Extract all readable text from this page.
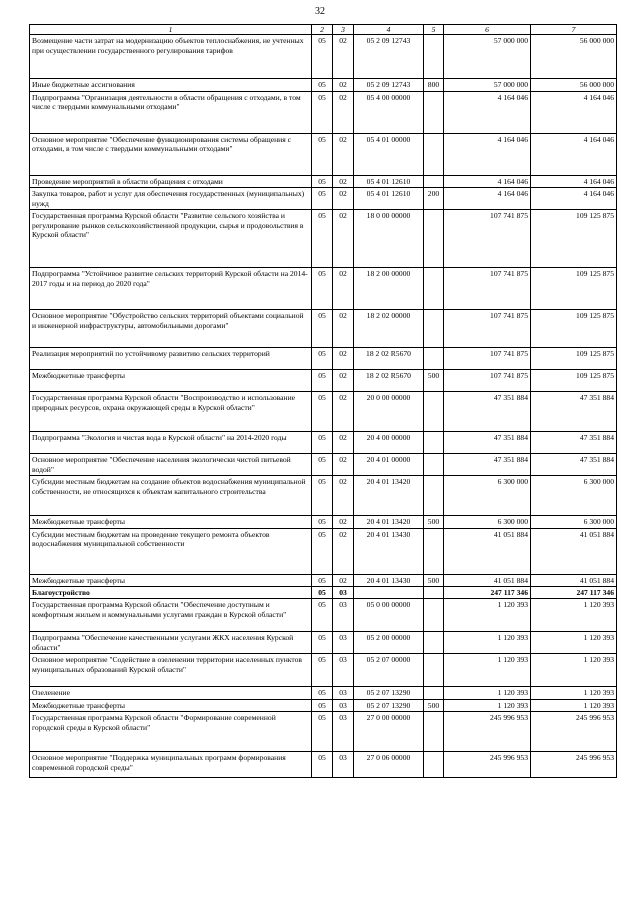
32
1	2	3	4	5	6	7
Возмещение части затрат на модернизацию объектов теплоснабжения, не учтенных при осуществлении государственного регулирования тарифов	05	02	05 2 09 12743		57 000 000	56 000 000
Иные бюджетные ассигнования	05	02	05 2 09 12743	800	57 000 000	56 000 000
Подпрограмма "Организация деятельности в области обращения с отходами, в том числе с твердыми коммунальными отходами"	05	02	05 4 00 00000		4 164 046	4 164 046
Основное мероприятие "Обеспечение функционирования системы обращения с отходами, в том числе с твердыми коммунальными отходами"	05	02	05 4 01 00000		4 164 046	4 164 046
Проведение мероприятий в области обращения с отходами	05	02	05 4 01 12610		4 164 046	4 164 046
Закупка товаров, работ и услуг для обеспечения государственных (муниципальных) нужд	05	02	05 4 01 12610	200	4 164 046	4 164 046
Государственная программа Курской области "Развитие сельского хозяйства и регулирование рынков сельскохозяйственной продукции, сырья и продовольствия в Курской области"	05	02	18 0 00 00000		107 741 875	109 125 875
Подпрограмма "Устойчивое развитие сельских территорий Курской области на 2014-2017 годы и на период до 2020 года"	05	02	18 2 00 00000		107 741 875	109 125 875
Основное мероприятие "Обустройство сельских территорий объектами социальной и инженерной инфраструктуры, автомобильными дорогами"	05	02	18 2 02 00000		107 741 875	109 125 875
Реализация мероприятий по устойчивому развитию сельских территорий	05	02	18 2 02 R5670		107 741 875	109 125 875
Межбюджетные трансферты	05	02	18 2 02 R5670	500	107 741 875	109 125 875
Государственная программа Курской области "Воспроизводство и использование природных ресурсов, охрана окружающей среды в Курской области"	05	02	20 0 00 00000		47 351 884	47 351 884
Подпрограмма "Экология и чистая вода в Курской области" на 2014-2020 годы	05	02	20 4 00 00000		47 351 884	47 351 884
Основное мероприятие "Обеспечение населения экологически чистой питьевой водой"	05	02	20 4 01 00000		47 351 884	47 351 884
Субсидии местным бюджетам на создание объектов водоснабжения муниципальной собственности, не относящихся к объектам капитального строительства	05	02	20 4 01 13420		6 300 000	6 300 000
Межбюджетные трансферты	05	02	20 4 01 13420	500	6 300 000	6 300 000
Субсидии местным бюджетам на проведение текущего ремонта объектов водоснабжения муниципальной собственности	05	02	20 4 01 13430		41 051 884	41 051 884
Межбюджетные трансферты	05	02	20 4 01 13430	500	41 051 884	41 051 884
Благоустройство	05	03			247 117 346	247 117 346
Государственная программа Курской области "Обеспечение доступным и комфортным жильем и коммунальными услугами граждан в Курской области"	05	03	05 0 00 00000		1 120 393	1 120 393
Подпрограмма "Обеспечение качественными услугами ЖКХ населения Курской области"	05	03	05 2 00 00000		1 120 393	1 120 393
Основное мероприятие "Содействие в озеленении территории населенных пунктов муниципальных образований Курской области"	05	03	05 2 07 00000		1 120 393	1 120 393
Озеленение	05	03	05 2 07 13290		1 120 393	1 120 393
Межбюджетные трансферты	05	03	05 2 07 13290	500	1 120 393	1 120 393
Государственная программа Курской области "Формирование современной городской среды в Курской области"	05	03	27 0 00 00000		245 996 953	245 996 953
Основное мероприятие "Поддержка муниципальных программ формирования современной городской среды"	05	03	27 0 06 00000		245 996 953	245 996 953
